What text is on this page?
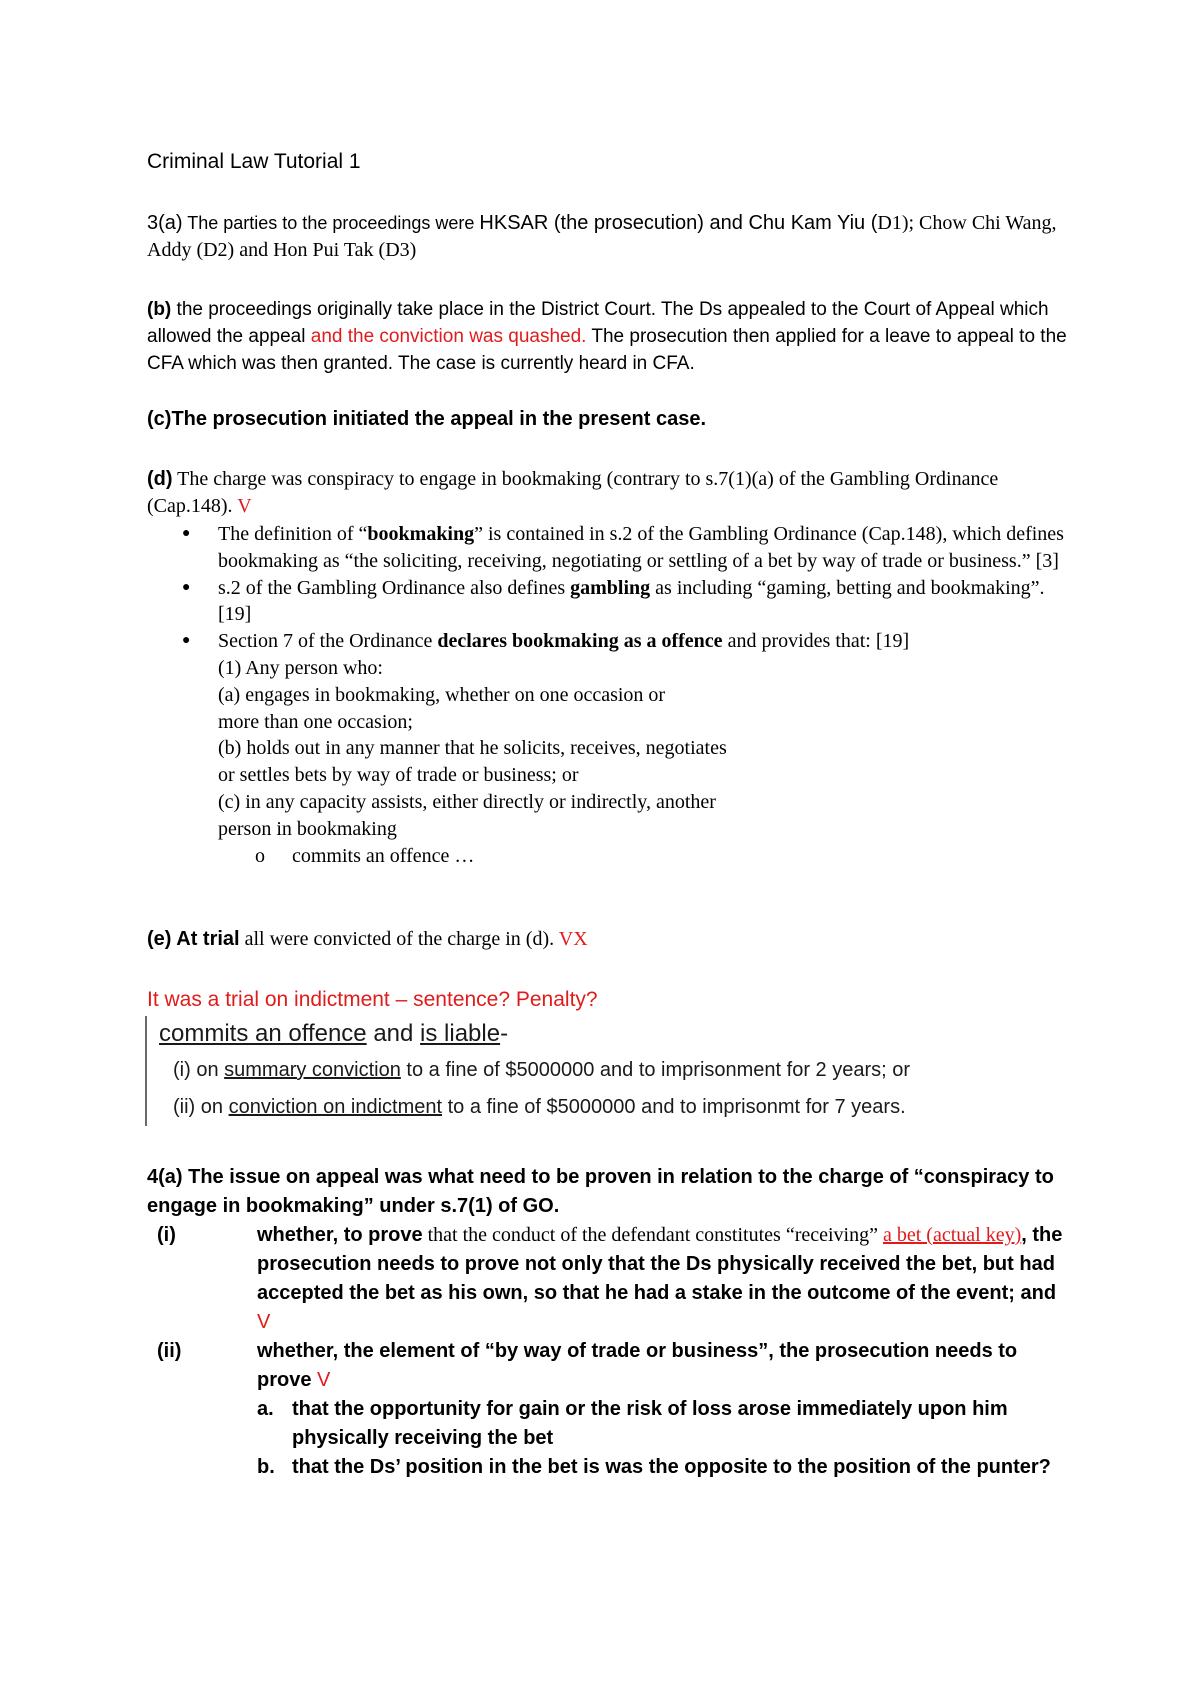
Criminal Law Tutorial 1
3(a) The parties to the proceedings were HKSAR (the prosecution) and Chu Kam Yiu (D1); Chow Chi Wang, Addy (D2) and Hon Pui Tak (D3)
(b) the proceedings originally take place in the District Court. The Ds appealed to the Court of Appeal which allowed the appeal and the conviction was quashed. The prosecution then applied for a leave to appeal to the CFA which was then granted. The case is currently heard in CFA.
(c)The prosecution initiated the appeal in the present case.
(d) The charge was conspiracy to engage in bookmaking (contrary to s.7(1)(a) of the Gambling Ordinance (Cap.148). V
● The definition of “bookmaking” is contained in s.2 of the Gambling Ordinance (Cap.148), which defines bookmaking as “the soliciting, receiving, negotiating or settling of a bet by way of trade or business.” [3]
● s.2 of the Gambling Ordinance also defines gambling as including “gaming, betting and bookmaking”. [19]
● Section 7 of the Ordinance declares bookmaking as a offence and provides that: [19]
(1) Any person who:
(a) engages in bookmaking, whether on one occasion or
more than one occasion;
(b) holds out in any manner that he solicits, receives, negotiates
or settles bets by way of trade or business; or
(c) in any capacity assists, either directly or indirectly, another
person in bookmaking
o commits an offence …
(e) At trial all were convicted of the charge in (d). VX
It was a trial on indictment – sentence? Penalty?
commits an offence and is liable-
(i) on summary conviction to a fine of $5000000 and to imprisonment for 2 years; or
(ii) on conviction on indictment to a fine of $5000000 and to imprisonmt for 7 years.
4(a) The issue on appeal was what need to be proven in relation to the charge of “conspiracy to engage in bookmaking” under s.7(1) of GO.
(i)	whether, to prove that the conduct of the defendant constitutes “receiving” a bet (actual key), the prosecution needs to prove not only that the Ds physically received the bet, but had accepted the bet as his own, so that he had a stake in the outcome of the event; and V
(ii)	whether, the element of “by way of trade or business”, the prosecution needs to prove V
a. that the opportunity for gain or the risk of loss arose immediately upon him physically receiving the bet
b. that the Ds’ position in the bet is was the opposite to the position of the punter?
